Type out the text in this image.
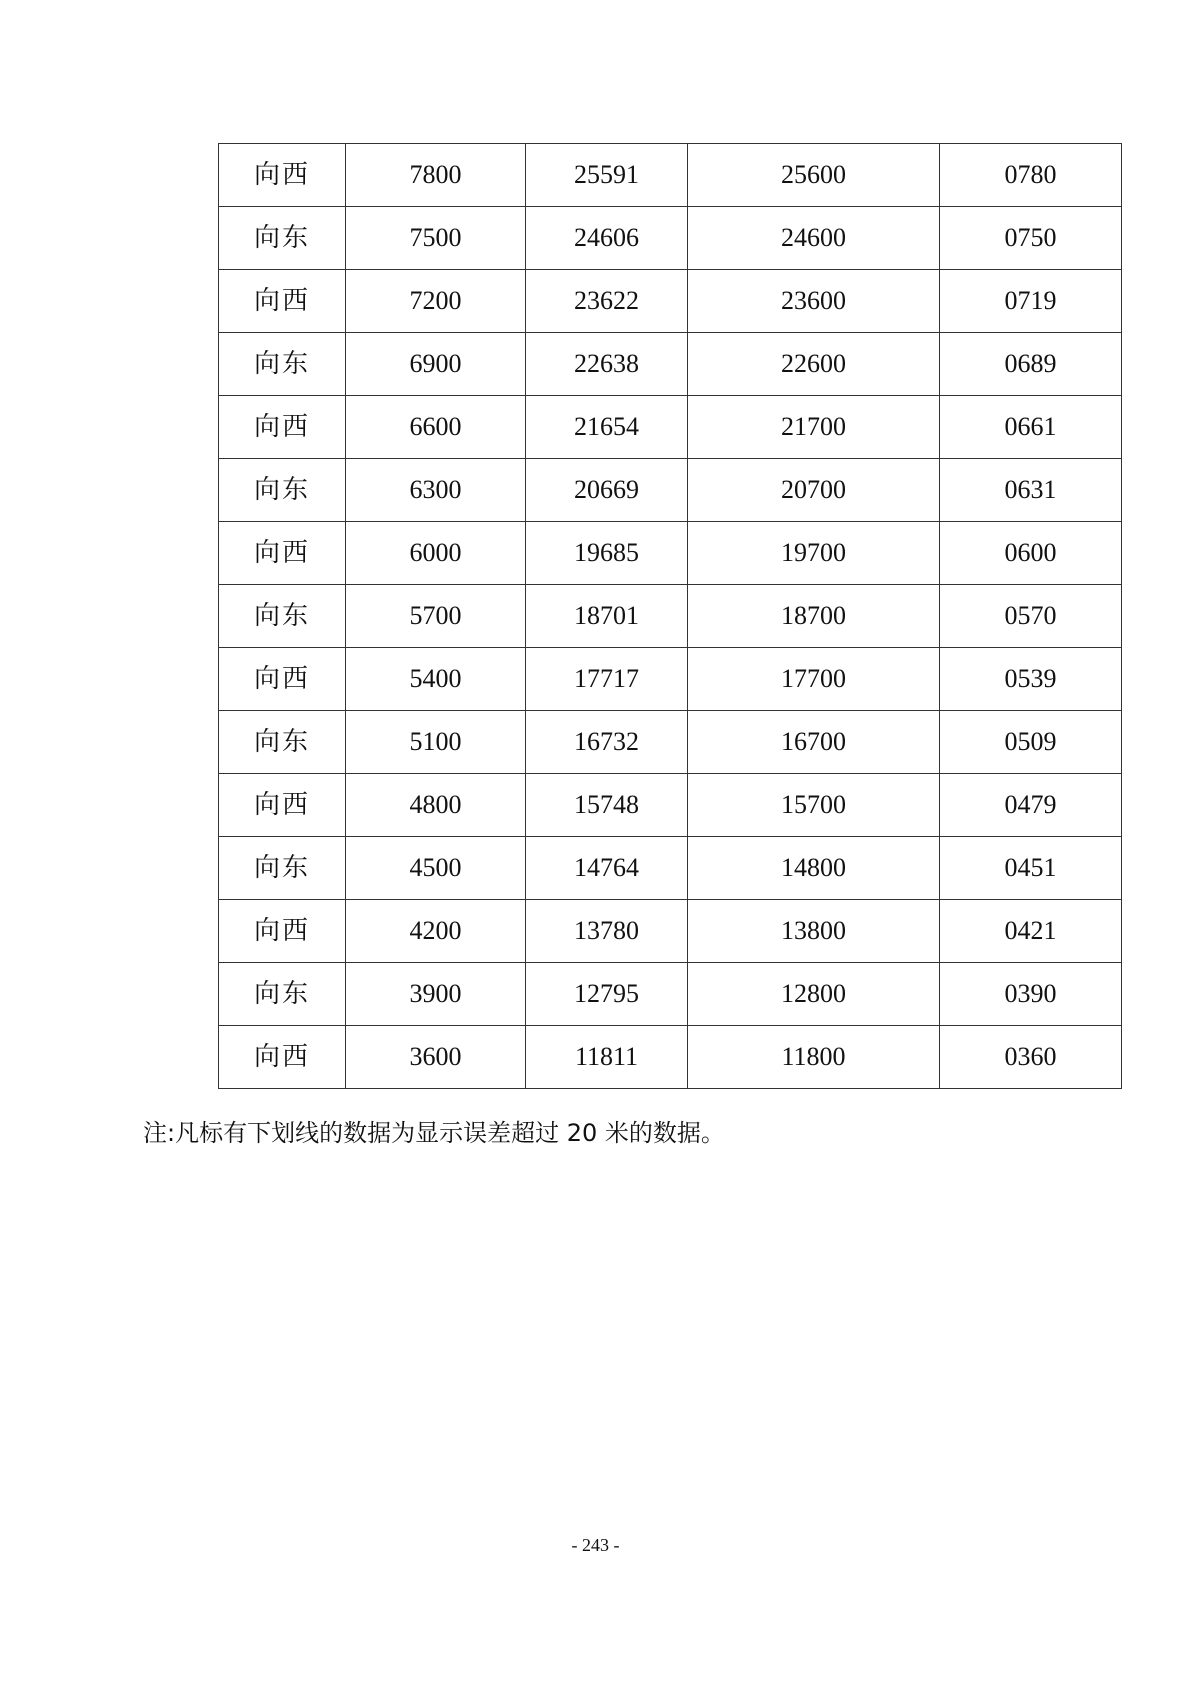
向西	7800	25591	25600	0780
向东	7500	24606	24600	0750
向西	7200	23622	23600	0719
向东	6900	22638	22600	0689
向西	6600	21654	21700	0661
向东	6300	20669	20700	0631
向西	6000	19685	19700	0600
向东	5700	18701	18700	0570
向西	5400	17717	17700	0539
向东	5100	16732	16700	0509
向西	4800	15748	15700	0479
向东	4500	14764	14800	0451
向西	4200	13780	13800	0421
向东	3900	12795	12800	0390
向西	3600	11811	11800	0360
注:凡标有下划线的数据为显示误差超过 20 米的数据。
- 243 -
